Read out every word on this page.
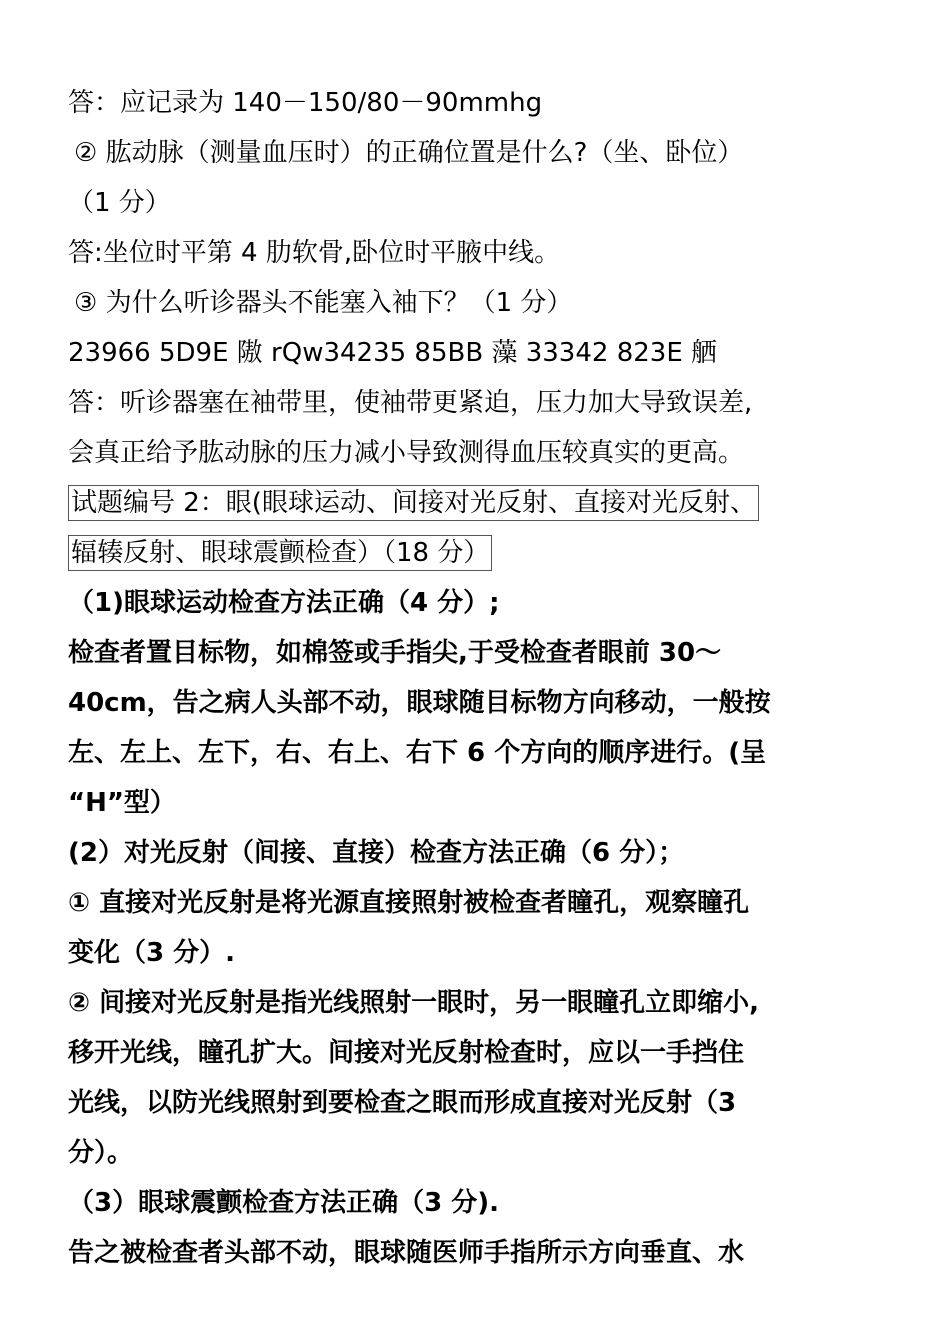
答：应记录为 140－150/80－90mmhg
② 肱动脉（测量血压时）的正确位置是什么?（坐、卧位）
（1 分）
答:坐位时平第 4 肋软骨,卧位时平腋中线。
③ 为什么听诊器头不能塞入袖下？（1 分）
23966 5D9E 隞 rQw34235 85BB 藻 33342 823E 舾
答：听诊器塞在袖带里，使袖带更紧迫，压力加大导致误差,
会真正给予肱动脉的压力减小导致测得血压较真实的更高。
试题编号 2：眼(眼球运动、间接对光反射、直接对光反射、
辐辏反射、眼球震颤检查）（18 分）
（1)眼球运动检查方法正确（4 分）;
检查者置目标物，如棉签或手指尖,于受检查者眼前 30～
40cm，告之病人头部不动，眼球随目标物方向移动，一般按
左、左上、左下，右、右上、右下 6 个方向的顺序进行。(呈
“H”型）
(2）对光反射（间接、直接）检查方法正确（6 分）；
① 直接对光反射是将光源直接照射被检查者瞳孔，观察瞳孔
变化（3 分）.
② 间接对光反射是指光线照射一眼时，另一眼瞳孔立即缩小,
移开光线，瞳孔扩大。间接对光反射检查时，应以一手挡住
光线，以防光线照射到要检查之眼而形成直接对光反射（3
分）。
（3）眼球震颤检查方法正确（3 分).
告之被检查者头部不动，眼球随医师手指所示方向垂直、水
